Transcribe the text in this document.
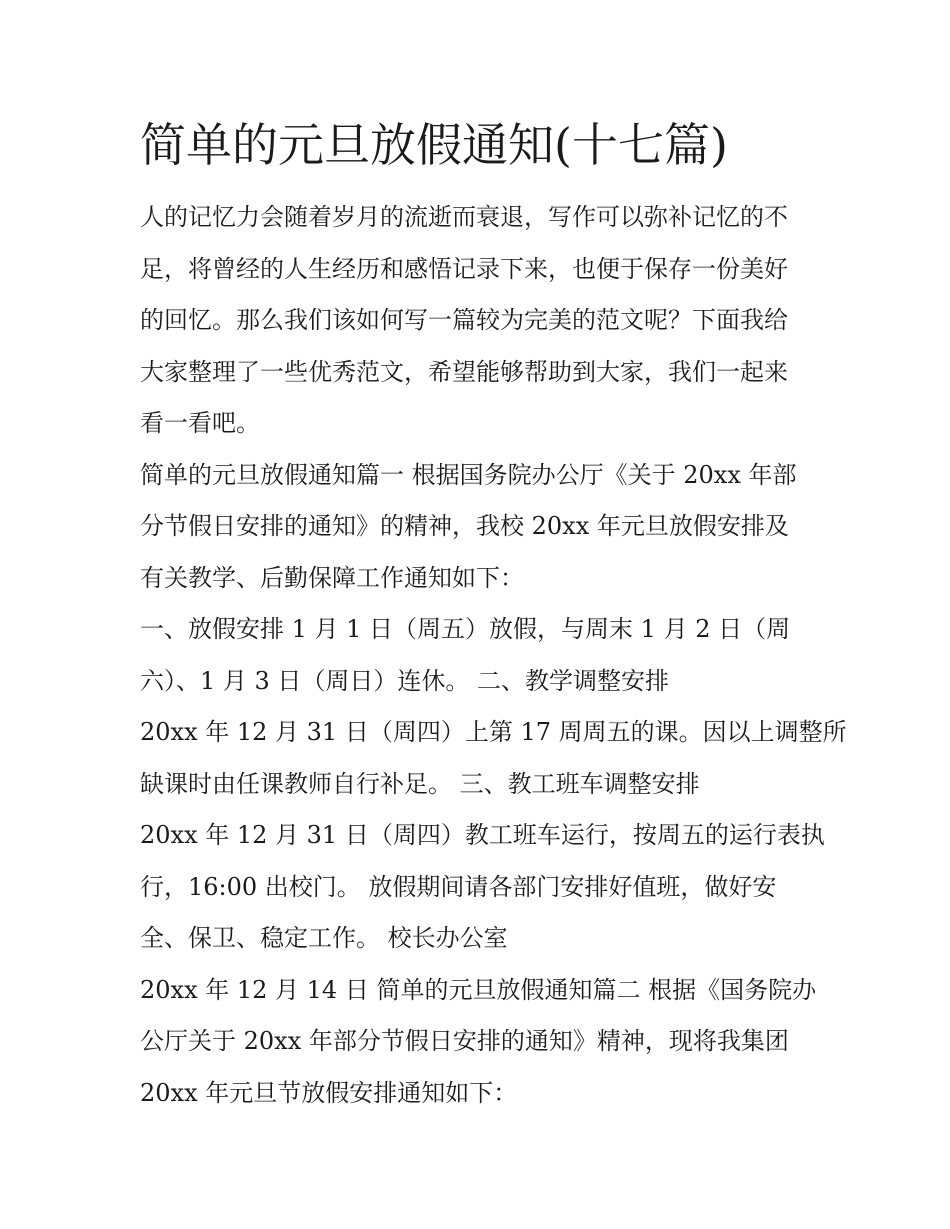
简单的元旦放假通知(十七篇)

人的记忆力会随着岁月的流逝而衰退，写作可以弥补记忆的不
足，将曾经的人生经历和感悟记录下来，也便于保存一份美好
的回忆。那么我们该如何写一篇较为完美的范文呢？下面我给
大家整理了一些优秀范文，希望能够帮助到大家，我们一起来
看一看吧。

简单的元旦放假通知篇一 根据国务院办公厅《关于 20xx 年部
分节假日安排的通知》的精神，我校 20xx 年元旦放假安排及
有关教学、后勤保障工作通知如下：

一、放假安排 1 月 1 日（周五）放假，与周末 1 月 2 日（周
六）、1 月 3 日（周日）连休。 二、教学调整安排
20xx 年 12 月 31 日（周四）上第 17 周周五的课。因以上调整所
缺课时由任课教师自行补足。 三、教工班车调整安排
20xx 年 12 月 31 日（周四）教工班车运行，按周五的运行表执
行，16:00 出校门。 放假期间请各部门安排好值班，做好安
全、保卫、稳定工作。 校长办公室

20xx 年 12 月 14 日 简单的元旦放假通知篇二 根据《国务院办
公厅关于 20xx 年部分节假日安排的通知》精神，现将我集团
20xx 年元旦节放假安排通知如下：
